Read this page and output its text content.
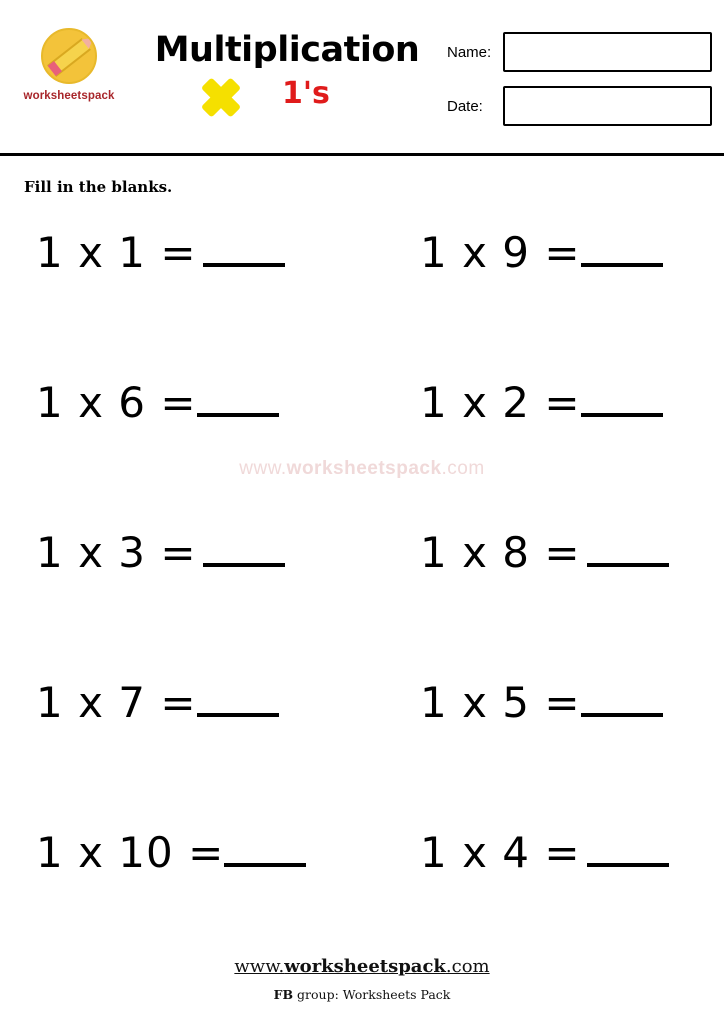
worksheetspack
Multiplication
1's
Name:
Date:
Fill in the blanks.
1 x 1 =	1 x 9 =
1 x 6 =	1 x 2 =
1 x 3 =	1 x 8 =
1 x 7 =	1 x 5 =
1 x 10 =	1 x 4 =
www.worksheetspack.com
www.worksheetspack.com
FB group: Worksheets Pack
